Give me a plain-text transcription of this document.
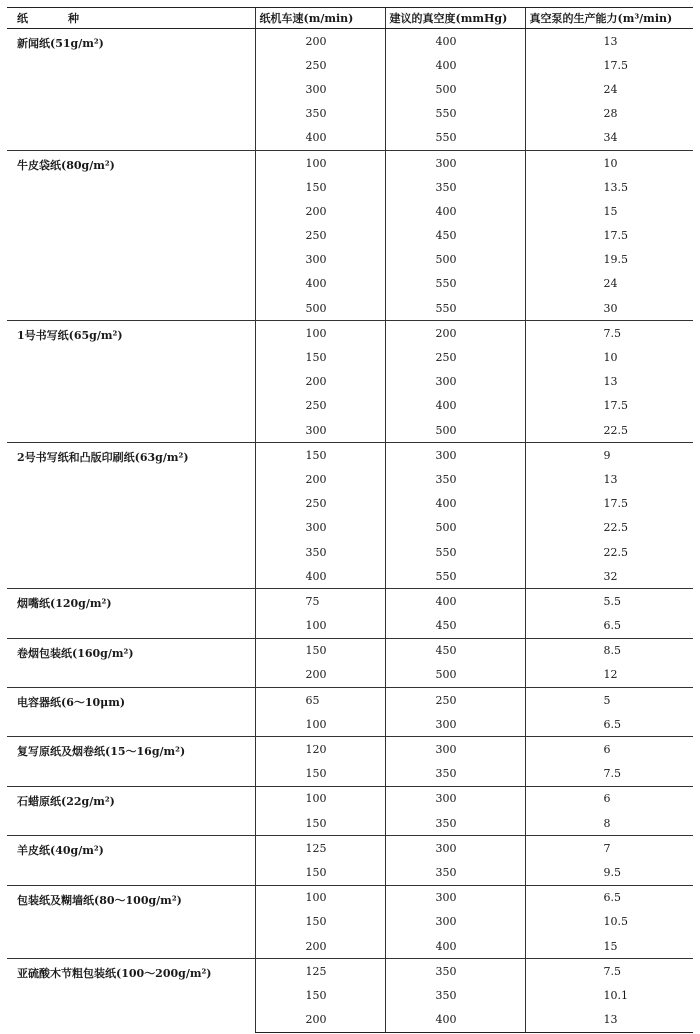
纸 种	纸机车速(m/min)	建议的真空度(mmHg)	真空泵的生产能力(m³/min)
新闻纸(51g/m²)	200	400	13
	250	400	17.5
	300	500	24
	350	550	28
	400	550	34
牛皮袋纸(80g/m²)	100	300	10
	150	350	13.5
	200	400	15
	250	450	17.5
	300	500	19.5
	400	550	24
	500	550	30
1号书写纸(65g/m²)	100	200	7.5
	150	250	10
	200	300	13
	250	400	17.5
	300	500	22.5
2号书写纸和凸版印刷纸(63g/m²)	150	300	9
	200	350	13
	250	400	17.5
	300	500	22.5
	350	550	22.5
	400	550	32
烟嘴纸(120g/m²)	75	400	5.5
	100	450	6.5
卷烟包装纸(160g/m²)	150	450	8.5
	200	500	12
电容器纸(6～10μm)	65	250	5
	100	300	6.5
复写原纸及烟卷纸(15～16g/m²)	120	300	6
	150	350	7.5
石蜡原纸(22g/m²)	100	300	6
	150	350	8
羊皮纸(40g/m²)	125	300	7
	150	350	9.5
包装纸及糊墙纸(80～100g/m²)	100	300	6.5
	150	300	10.5
	200	400	15
亚硫酸木节粗包装纸(100～200g/m²)	125	350	7.5
	150	350	10.1
	200	400	13
